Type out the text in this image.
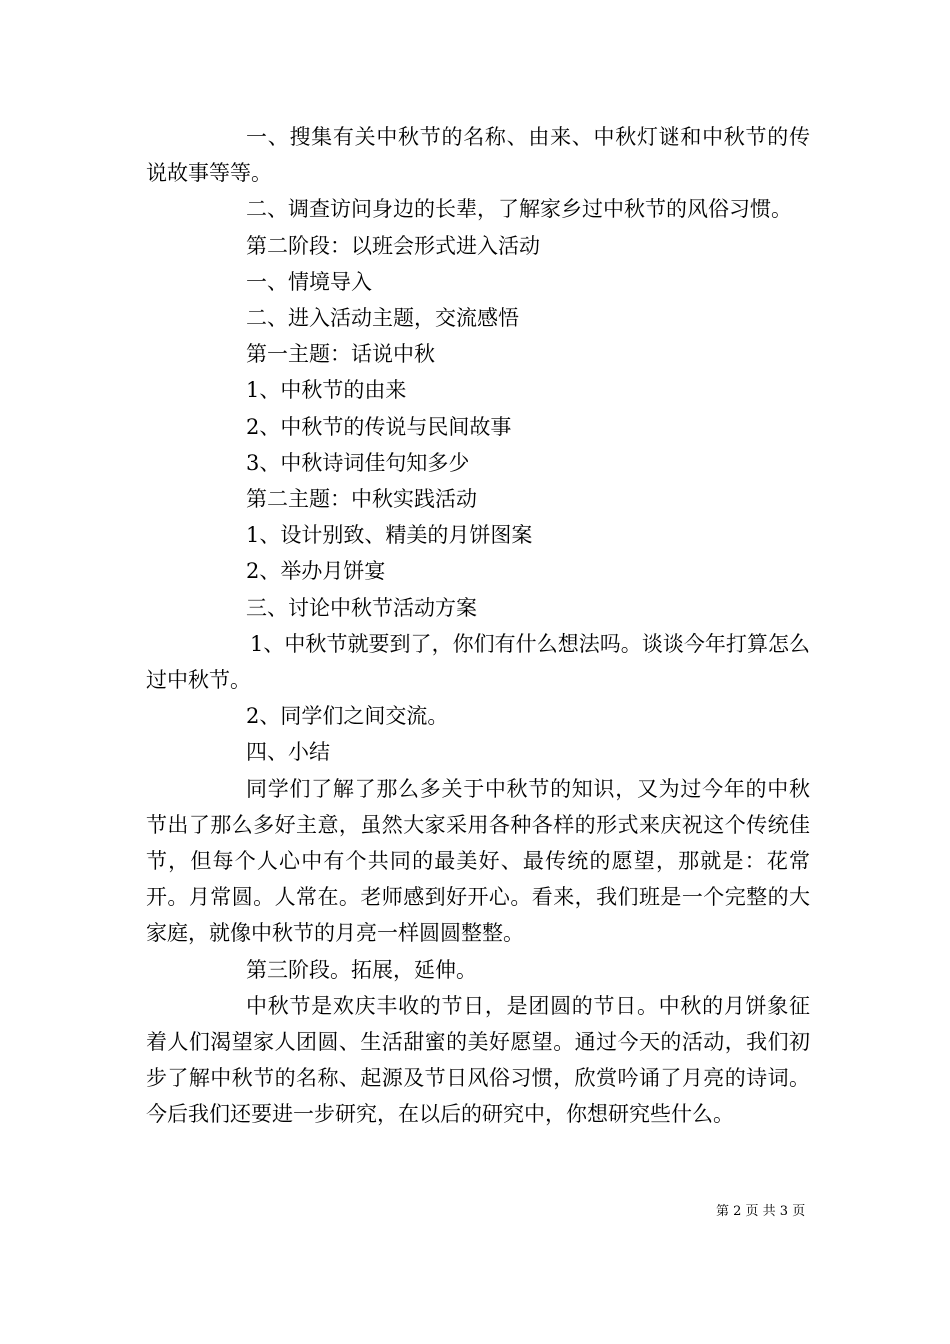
一、搜集有关中秋节的名称、由来、中秋灯谜和中秋节的传说故事等等。

二、调查访问身边的长辈，了解家乡过中秋节的风俗习惯。

第二阶段：以班会形式进入活动

一、情境导入

二、进入活动主题，交流感悟

第一主题：话说中秋

1、中秋节的由来

2、中秋节的传说与民间故事

3、中秋诗词佳句知多少

第二主题：中秋实践活动

1、设计别致、精美的月饼图案

2、举办月饼宴

三、讨论中秋节活动方案

1、中秋节就要到了，你们有什么想法吗。谈谈今年打算怎么过中秋节。

2、同学们之间交流。

四、小结

同学们了解了那么多关于中秋节的知识，又为过今年的中秋节出了那么多好主意，虽然大家采用各种各样的形式来庆祝这个传统佳节，但每个人心中有个共同的最美好、最传统的愿望，那就是：花常开。月常圆。人常在。老师感到好开心。看来，我们班是一个完整的大家庭，就像中秋节的月亮一样圆圆整整。

第三阶段。拓展，延伸。

中秋节是欢庆丰收的节日，是团圆的节日。中秋的月饼象征着人们渴望家人团圆、生活甜蜜的美好愿望。通过今天的活动，我们初步了解中秋节的名称、起源及节日风俗习惯，欣赏吟诵了月亮的诗词。今后我们还要进一步研究，在以后的研究中，你想研究些什么。

第 2 页 共 3 页
